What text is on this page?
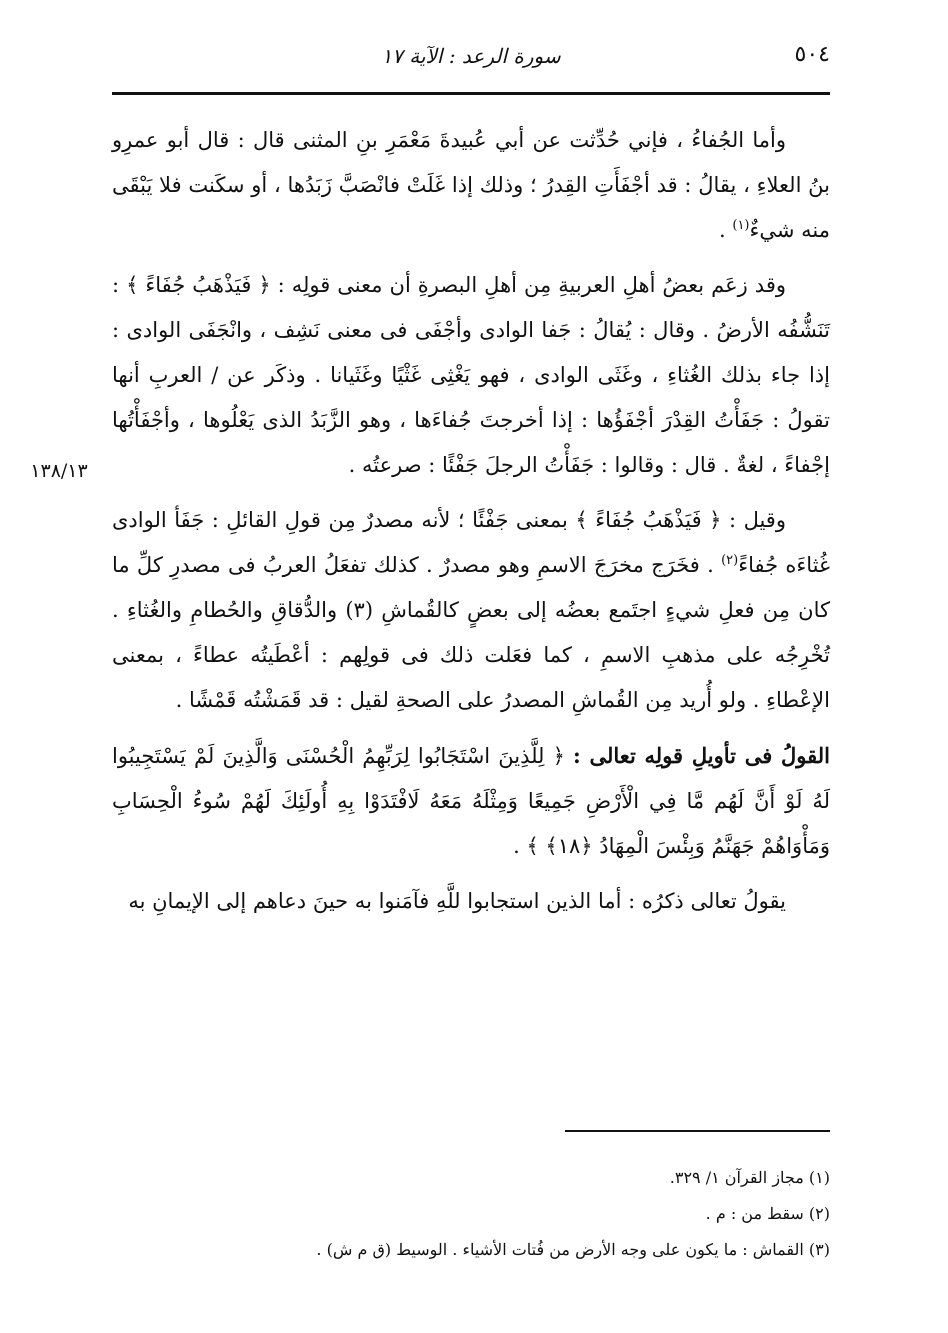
٥٠٤
سورة الرعد : الآية ١٧
١٣٨/١٣

وأما الجُفاءُ ، فإني حُدِّثت عن أبي عُبيدةَ مَعْمَرِ بنِ المثنى قال : قال أبو عمرِو بنُ العلاءِ ، يقالُ : قد أجْفَأَتِ القِدرُ ؛ وذلك إذا غَلَتْ فانْصَبَّ زَبَدُها ، أو سكَنت فلا يَبْقَى منه شيءٌ$^{(١)}$ .

وقد زعَم بعضُ أهلِ العربيةِ مِن أهلِ البصرةِ أن معنى قولِه : ﴿ فَيَذْهَبُ جُفَاءً ﴾ : تَنَشُّفُه الأرضُ . وقال : يُقالُ : جَفا الوادى وأجْفَى فى معنى نَشِف ، وانْجَفَى الوادى : إذا جاء بذلك الغُثاءِ ، وغَثَى الوادى ، فهو يَغْثِى غَثْيًا وغَثَيانا . وذكَر عن / العربِ أنها تقولُ : جَفَأْتُ القِدْرَ أجْفَؤُها : إذا أخرجتَ جُفاءَها ، وهو الزَّبَدُ الذى يَعْلُوها ، وأجْفَأْتُها إجْفاءً ، لغةٌ . قال : وقالوا : جَفَأْتُ الرجلَ جَفْئًا : صرعتُه .

وقيل : ﴿ فَيَذْهَبُ جُفَاءً ﴾ بمعنى جَفْئًا ؛ لأنه مصدرٌ مِن قولِ القائلِ : جَفَأ الوادى غُثاءَه جُفاءً$^{(٢)}$ . فخَرَج مخرَجَ الاسمِ وهو مصدرٌ . كذلك تفعَلُ العربُ فى مصدرِ كلِّ ما كان مِن فعلِ شيءٍ اجتَمع بعضُه إلى بعضٍ كالقُماشِ (٣) والدُّقاقِ والحُطامِ والغُثاءِ . تُخْرِجُه على مذهبِ الاسمِ ، كما فعَلت ذلك فى قولِهم : أعْطَيتُه عطاءً ، بمعنى الإعْطاءِ . ولو أُريد مِن القُماشِ المصدرُ على الصحةِ لقيل : قد قَمَشْتُه قَمْشًا .

القولُ فى تأويلِ قولِه تعالى : ﴿ لِلَّذِينَ اسْتَجَابُوا لِرَبِّهِمُ الْحُسْنَى وَالَّذِينَ لَمْ يَسْتَجِيبُوا لَهُ لَوْ أَنَّ لَهُم مَّا فِي الْأَرْضِ جَمِيعًا وَمِثْلَهُ مَعَهُ لَافْتَدَوْا بِهِ أُولَئِكَ لَهُمْ سُوءُ الْحِسَابِ وَمَأْوَاهُمْ جَهَنَّمُ وَبِئْسَ الْمِهَادُ ﴿١٨﴾ ﴾ .

يقولُ تعالى ذكرُه : أما الذين استجابوا للَّهِ فآمَنوا به حينَ دعاهم إلى الإيمانِ به

(١) مجاز القرآن ١/ ٣٢٩.

(٢) سقط من : م .

(٣) القماش : ما يكون على وجه الأرض من فُتات الأشياء . الوسيط (ق م ش) .
